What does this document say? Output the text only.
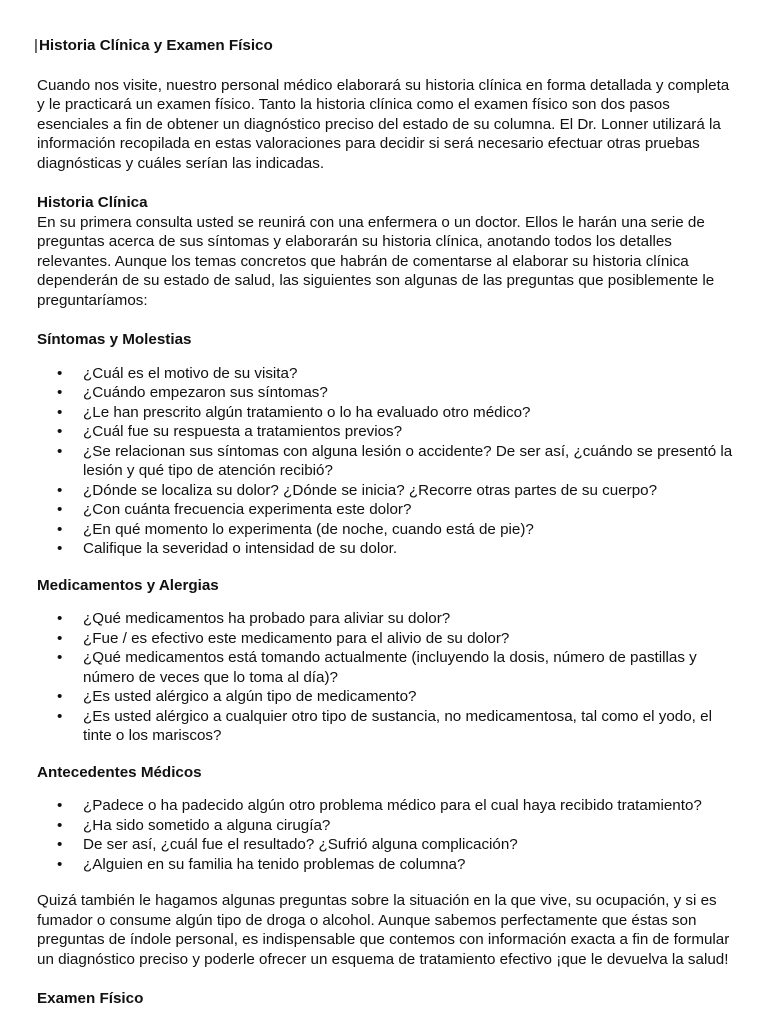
|Historia Clínica y Examen Físico

Cuando nos visite, nuestro personal médico elaborará su historia clínica en forma detallada y completa y le practicará un examen físico. Tanto la historia clínica como el examen físico son dos pasos esenciales a fin de obtener un diagnóstico preciso del estado de su columna. El Dr. Lonner utilizará la información recopilada en estas valoraciones para decidir si será necesario efectuar otras pruebas diagnósticas y cuáles serían las indicadas.

Historia Clínica

En su primera consulta usted se reunirá con una enfermera o un doctor. Ellos le harán una serie de preguntas acerca de sus síntomas y elaborarán su historia clínica, anotando todos los detalles relevantes. Aunque los temas concretos que habrán de comentarse al elaborar su historia clínica dependerán de su estado de salud, las siguientes son algunas de las preguntas que posiblemente le preguntaríamos:

Síntomas y Molestias
• ¿Cuál es el motivo de su visita?
• ¿Cuándo empezaron sus síntomas?
• ¿Le han prescrito algún tratamiento o lo ha evaluado otro médico?
• ¿Cuál fue su respuesta a tratamientos previos?
• ¿Se relacionan sus síntomas con alguna lesión o accidente? De ser así, ¿cuándo se presentó la lesión y qué tipo de atención recibió?
• ¿Dónde se localiza su dolor? ¿Dónde se inicia? ¿Recorre otras partes de su cuerpo?
• ¿Con cuánta frecuencia experimenta este dolor?
• ¿En qué momento lo experimenta (de noche, cuando está de pie)?
• Califique la severidad o intensidad de su dolor.
Medicamentos y Alergias
• ¿Qué medicamentos ha probado para aliviar su dolor?
• ¿Fue / es efectivo este medicamento para el alivio de su dolor?
• ¿Qué medicamentos está tomando actualmente (incluyendo la dosis, número de pastillas y número de veces que lo toma al día)?
• ¿Es usted alérgico a algún tipo de medicamento?
• ¿Es usted alérgico a cualquier otro tipo de sustancia, no medicamentosa, tal como el yodo, el tinte o los mariscos?
Antecedentes Médicos
• ¿Padece o ha padecido algún otro problema médico para el cual haya recibido tratamiento?
• ¿Ha sido sometido a alguna cirugía?
• De ser así, ¿cuál fue el resultado? ¿Sufrió alguna complicación?
• ¿Alguien en su familia ha tenido problemas de columna?

Quizá también le hagamos algunas preguntas sobre la situación en la que vive, su ocupación, y si es fumador o consume algún tipo de droga o alcohol. Aunque sabemos perfectamente que éstas son preguntas de índole personal, es indispensable que contemos con información exacta a fin de formular un diagnóstico preciso y poderle ofrecer un esquema de tratamiento efectivo ¡que le devuelva la salud!

Examen Físico
